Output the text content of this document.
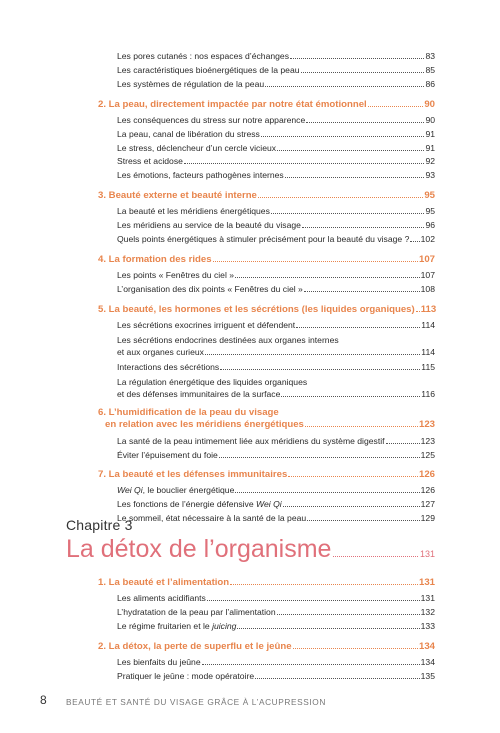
Les pores cutanés : nos espaces d’échanges	83
Les caractéristiques bioénergétiques de la peau	85
Les systèmes de régulation de la peau	86
2. La peau, directement impactée par notre état émotionnel	90
Les conséquences du stress sur notre apparence	90
La peau, canal de libération du stress	91
Le stress, déclencheur d’un cercle vicieux	91
Stress et acidose	92
Les émotions, facteurs pathogènes internes	93
3. Beauté externe et beauté interne	95
La beauté et les méridiens énergétiques	95
Les méridiens au service de la beauté du visage	96
Quels points énergétiques à stimuler précisément pour la beauté du visage ? 102
4. La formation des rides	107
Les points « Fenêtres du ciel »	107
L’organisation des dix points « Fenêtres du ciel »	108
5. La beauté, les hormones et les sécrétions (les liquides organiques) 113
Les sécrétions exocrines irriguent et défendent	114
Les sécrétions endocrines destinées aux organes internes
et aux organes curieux	114
Interactions des sécrétions	115
La régulation énergétique des liquides organiques
et des défenses immunitaires de la surface	116
6. L’humidification de la peau du visage
en relation avec les méridiens énergétiques	123
La santé de la peau intimement liée aux méridiens du système digestif	123
Éviter l’épuisement du foie	125
7. La beauté et les défenses immunitaires	126
Wei Qi, le bouclier énergétique	126
Les fonctions de l’énergie défensive Wei Qi	127
Le sommeil, état nécessaire à la santé de la peau	129
Chapitre 3
La détox de l’organisme	131
1. La beauté et l’alimentation	131
Les aliments acidifiants	131
L’hydratation de la peau par l’alimentation	132
Le régime fruitarien et le juicing	133
2. La détox, la perte de superflu et le jeûne	134
Les bienfaits du jeûne	134
Pratiquer le jeûne : mode opératoire	135
8 BEAUTÉ ET SANTÉ DU VISAGE GRÂCE À L’ACUPRESSION
